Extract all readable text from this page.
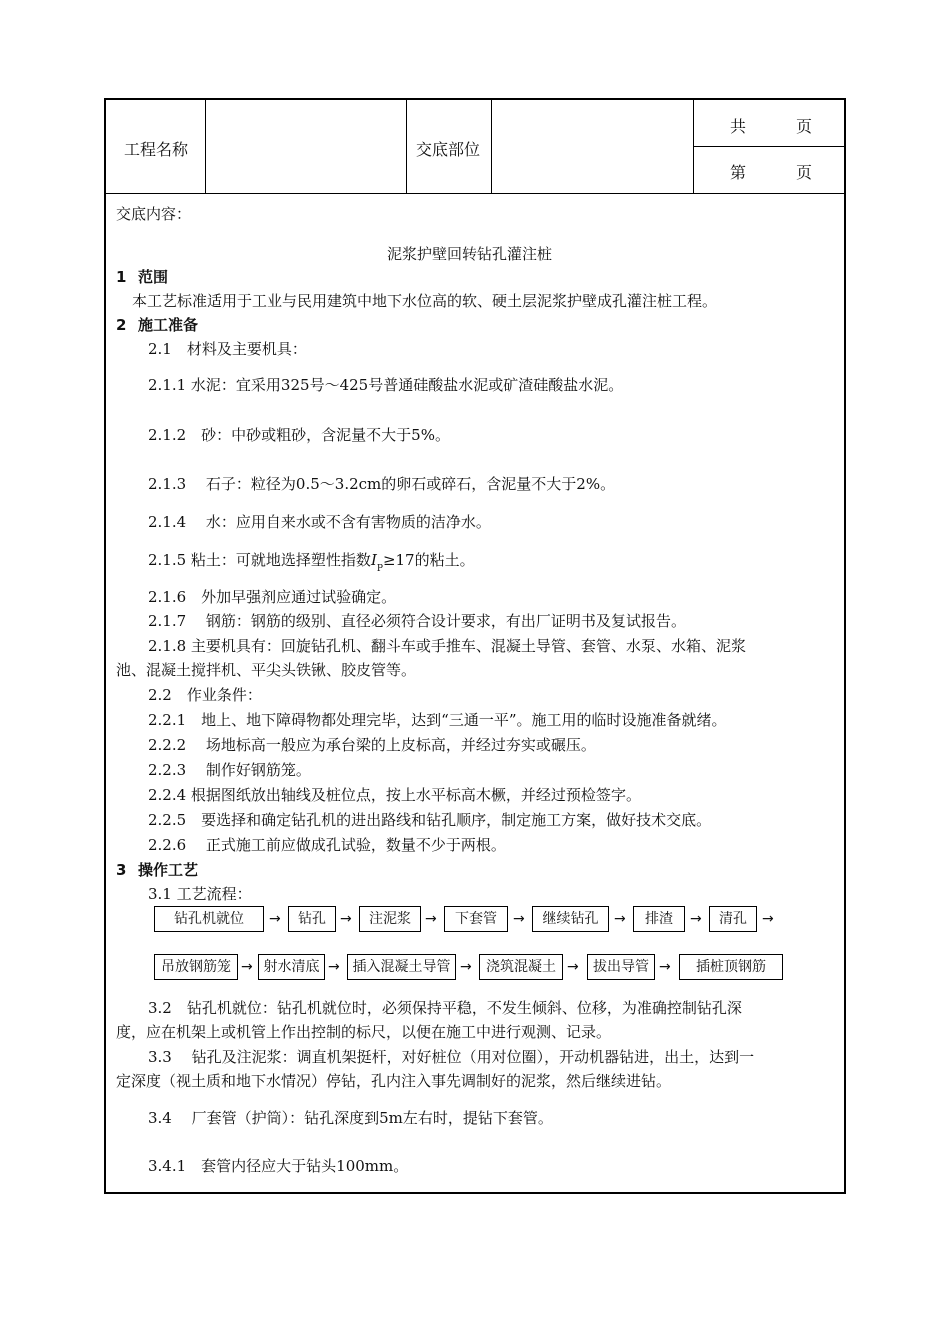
工程名称	交底部位
共	页
第	页
交底内容：
泥浆护壁回转钻孔灌注桩
1 范围
本工艺标准适用于工业与民用建筑中地下水位高的软、硬土层泥浆护壁成孔灌注桩工程。
2 施工准备
2.1　材料及主要机具：
2.1.1 水泥：宜采用325号～425号普通硅酸盐水泥或矿渣硅酸盐水泥。
2.1.2　砂：中砂或粗砂，含泥量不大于5%。
2.1.3　 石子：粒径为0.5～3.2cm的卵石或碎石，含泥量不大于2%。
2.1.4　 水：应用自来水或不含有害物质的洁净水。
2.1.5 粘土：可就地选择塑性指数$I_P\ge 17$的粘土。
2.1.6　外加早强剂应通过试验确定。
2.1.7　 钢筋：钢筋的级别、直径必须符合设计要求，有出厂证明书及复试报告。
2.1.8 主要机具有：回旋钻孔机、翻斗车或手推车、混凝土导管、套管、水泵、水箱、泥浆
池、混凝土搅拌机、平尖头铁锹、胶皮管等。
2.2　作业条件：
2.2.1　地上、地下障碍物都处理完毕，达到“三通一平”。施工用的临时设施准备就绪。
2.2.2　 场地标高一般应为承台梁的上皮标高，并经过夯实或碾压。
2.2.3　 制作好钢筋笼。
2.2.4 根据图纸放出轴线及桩位点，按上水平标高木橛，并经过预检签字。
2.2.5　要选择和确定钻孔机的进出路线和钻孔顺序，制定施工方案，做好技术交底。
2.2.6　 正式施工前应做成孔试验，数量不少于两根。
3 操作工艺
3.1 工艺流程：
钻孔机就位	→	钻孔	→	注泥浆	→	下套管	→	继续钻孔	→	排渣	→	清孔	→
吊放钢筋笼 → 射水清底 → 插入混凝土导管 →	浇筑混凝土 →	拔出导管 →	插桩顶钢筋
3.2　钻孔机就位：钻孔机就位时，必须保持平稳，不发生倾斜、位移，为准确控制钻孔深
度，应在机架上或机管上作出控制的标尺，以便在施工中进行观测、记录。
3.3　 钻孔及注泥浆：调直机架挺杆，对好桩位（用对位圈），开动机器钻进，出土，达到一
定深度（视土质和地下水情况）停钻，孔内注入事先调制好的泥浆，然后继续进钻。
3.4　 厂套管（护筒）：钻孔深度到5m左右时，提钻下套管。
3.4.1　套管内径应大于钻头100mm。
